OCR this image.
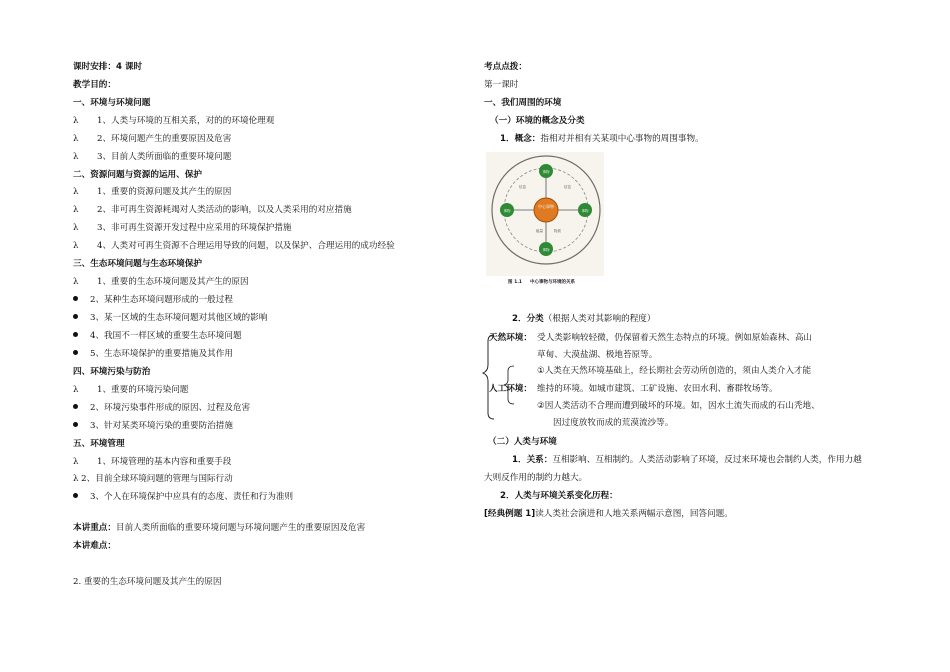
课时安排：4 课时
教学目的：
一、环境与环境问题
λ 1、人类与环境的互相关系，对的的环境伦理观
λ 2、环境问题产生的重要原因及危害
λ 3、目前人类所面临的重要环境问题
二、资源问题与资源的运用、保护
λ 1、重要的资源问题及其产生的原因
λ 2、非可再生资源耗竭对人类活动的影响，以及人类采用的对应措施
λ 3、非可再生资源开发过程中应采用的环境保护措施
λ 4、人类对可再生资源不合理运用导致的问题，以及保护、合理运用的成功经验
三、生态环境问题与生态环境保护
λ 1、重要的生态环境问题及其产生的原因
2、某种生态环境问题形成的一般过程
3、某一区域的生态环境问题对其他区域的影响
4、我国不一样区域的重要生态环境问题
5、生态环境保护的重要措施及其作用
四、环境污染与防治
λ 1、重要的环境污染问题
2、环境污染事件形成的原因、过程及危害
3、针对某类环境污染的重要防治措施
五、环境管理
λ 1、环境管理的基本内容和重要手段
λ 2、目前全球环境问题的管理与国际行动
3、个人在环境保护中应具有的态度、责任和行为准则
本讲重点：目前人类所面临的重要环境问题与环境问题产生的重要原因及危害
本讲难点：
2. 重要的生态环境问题及其产生的原因
考点点拨：
第一课时
一、我们周围的环境
（一）环境的概念及分类
1．概念：指相对并相有关某项中心事物的周围事物。
中心事物
事物
事物
事物	事物
信息	信息
能量	物质
图 1.1 中心事物与环境的关系
2．分类（根据人类对其影响的程度）
天然环境： 受人类影响较轻微，仍保留着天然生态特点的环境。例如原始森林、高山
草甸、大漠盐湖、极地苔原等。
人工环境：
①人类在天然环境基础上，经长期社会劳动所创造的，须由人类介入才能
维持的环境。如城市建筑、工矿设施、农田水利、畜群牧场等。
②因人类活动不合理而遭到破坏的环境。如，因水土流失而成的石山秃地、
因过度放牧而成的荒漠流沙等。
（二）人类与环境
1．关系：互相影响、互相制约。人类活动影响了环境，反过来环境也会制约人类，作用力越
大则反作用的制约力越大。
2．人类与环境关系变化历程：
[经典例题 1]读人类社会演进和人地关系两幅示意图，回答问题。
